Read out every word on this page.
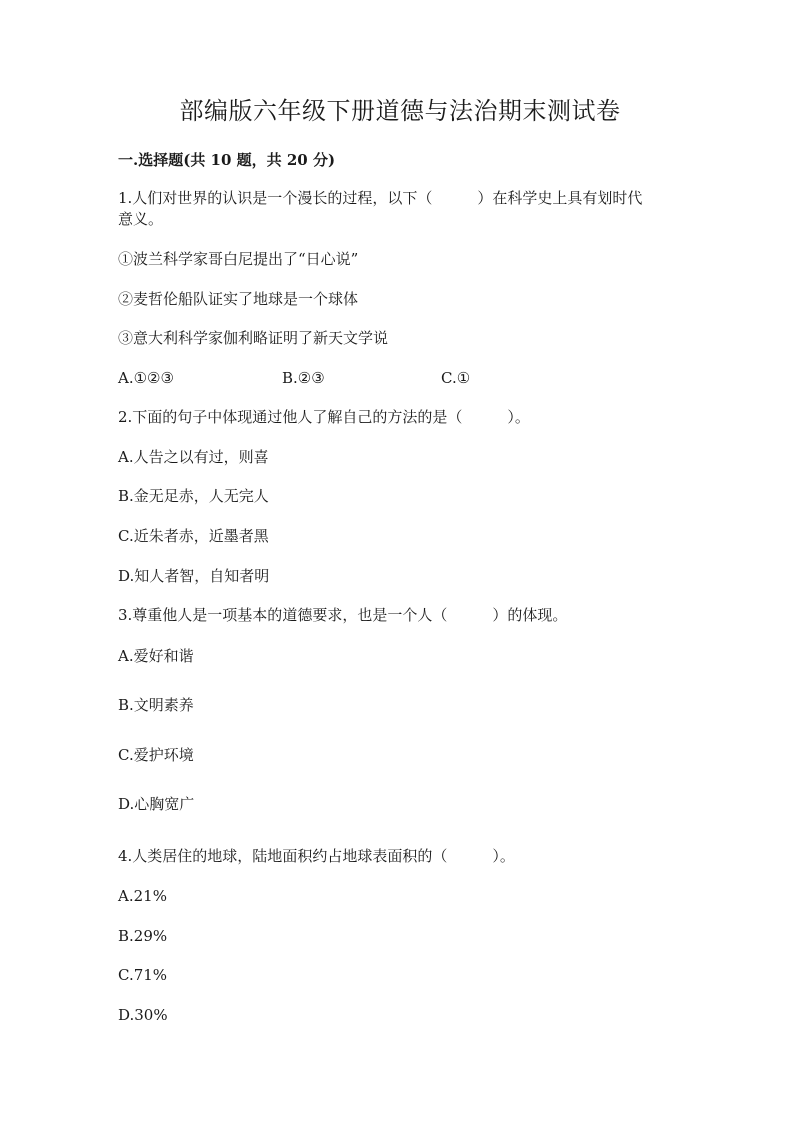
部编版六年级下册道德与法治期末测试卷
一.选择题(共 10 题，共 20 分)
1.人们对世界的认识是一个漫长的过程，以下（　　　）在科学史上具有划时代
意义。
①波兰科学家哥白尼提出了“日心说”
②麦哲伦船队证实了地球是一个球体
③意大利科学家伽利略证明了新天文学说
A.①②③	B.②③	C.①
2.下面的句子中体现通过他人了解自己的方法的是（　　　）。
A.人告之以有过，则喜
B.金无足赤，人无完人
C.近朱者赤，近墨者黑
D.知人者智，自知者明
3.尊重他人是一项基本的道德要求，也是一个人（　　　）的体现。
A.爱好和谐
B.文明素养
C.爱护环境
D.心胸宽广
4.人类居住的地球，陆地面积约占地球表面积的（　　　）。
A.21%
B.29%
C.71%
D.30%
